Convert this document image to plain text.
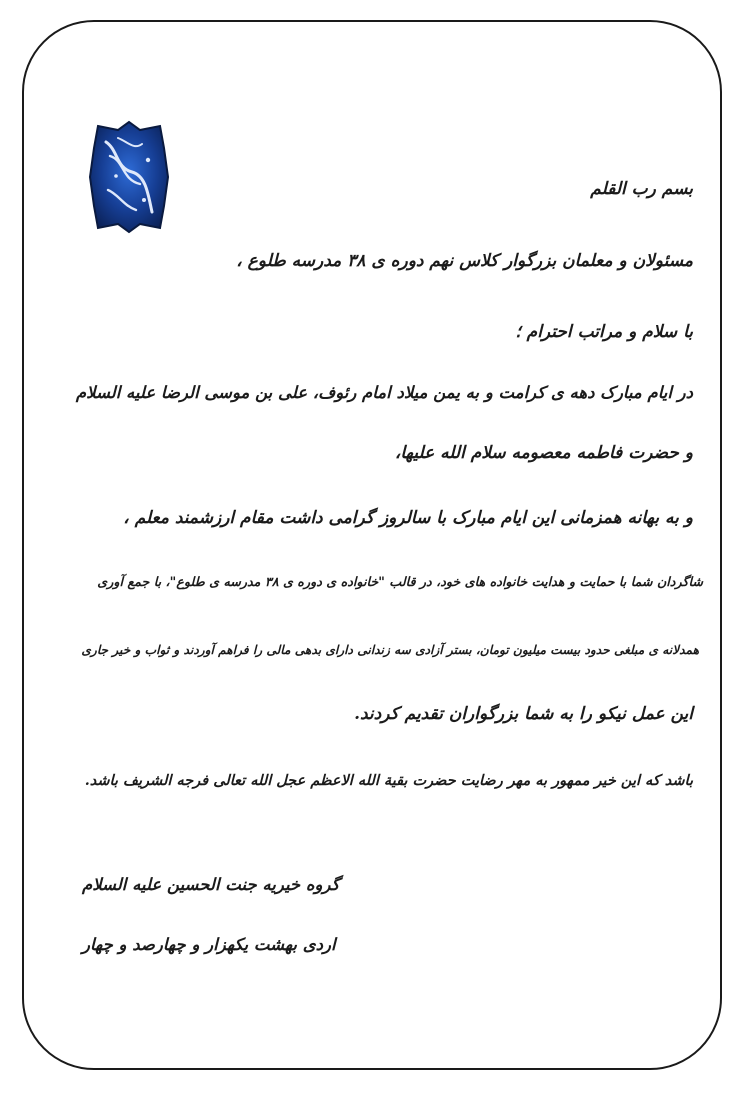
بسم رب القلم
مسئولان و معلمان بزرگوار کلاس نهم دوره ی ۳۸ مدرسه طلوع ،
با سلام و مراتب احترام ؛
در ایام مبارک دهه ی کرامت و به یمن میلاد امام رئوف، علی بن موسی الرضا علیه السلام
و حضرت فاطمه معصومه سلام الله علیها،
و به بهانه همزمانی این ایام مبارک با سالروز گرامی داشت مقام ارزشمند معلم ،
شاگردان شما با حمایت و هدایت خانواده های خود، در قالب "خانواده ی دوره ی ۳۸ مدرسه ی طلوع"، با جمع آوری
همدلانه ی مبلغی حدود بیست میلیون تومان، بستر آزادی سه زندانی دارای بدهی مالی را فراهم آوردند و ثواب و خیر جاری
این عمل نیکو را به شما بزرگواران تقدیم کردند.
باشد که این خیر ممهور به مهر رضایت حضرت بقیة الله الاعظم عجل الله تعالی فرجه الشریف باشد.
گروه خیریه جنت الحسین علیه السلام
اردی بهشت یکهزار و چهارصد و چهار
